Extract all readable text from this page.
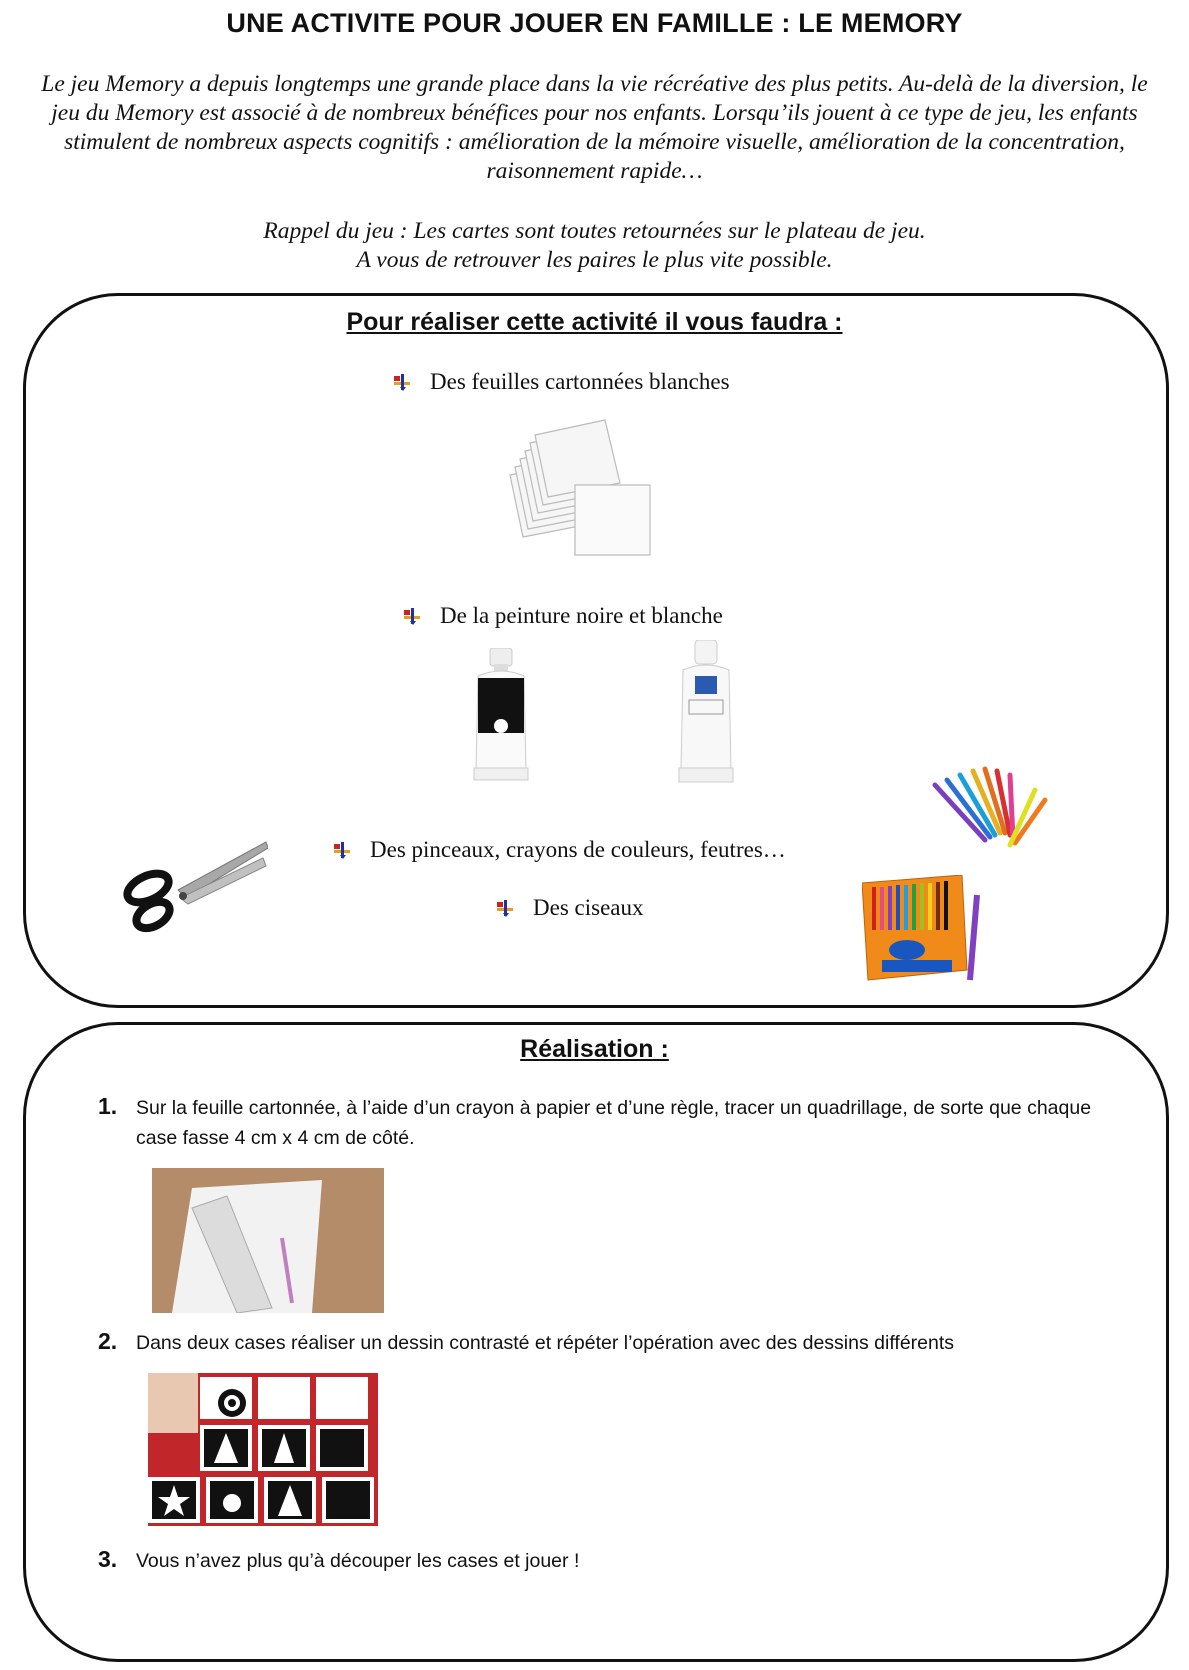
UNE ACTIVITE POUR JOUER EN FAMILLE : LE MEMORY
Le jeu Memory a depuis longtemps une grande place dans la vie récréative des plus petits. Au-delà de la diversion, le jeu du Memory est associé à de nombreux bénéfices pour nos enfants. Lorsqu’ils jouent à ce type de jeu, les enfants stimulent de nombreux aspects cognitifs : amélioration de la mémoire visuelle, amélioration de la concentration, raisonnement rapide…
Rappel du jeu : Les cartes sont toutes retournées sur le plateau de jeu.
A vous de retrouver les paires le plus vite possible.
Pour réaliser cette activité il vous faudra :
Des feuilles cartonnées blanches
De la peinture noire et blanche
Des pinceaux, crayons de couleurs, feutres…
Des ciseaux
Réalisation :
1. Sur la feuille cartonnée, à l’aide d’un crayon à papier et d’une règle, tracer un quadrillage, de sorte que chaque case fasse 4 cm x 4 cm de côté.
2. Dans deux cases réaliser un dessin contrasté et répéter l’opération avec des dessins différents
3. Vous n’avez plus qu’à découper les cases et jouer !
